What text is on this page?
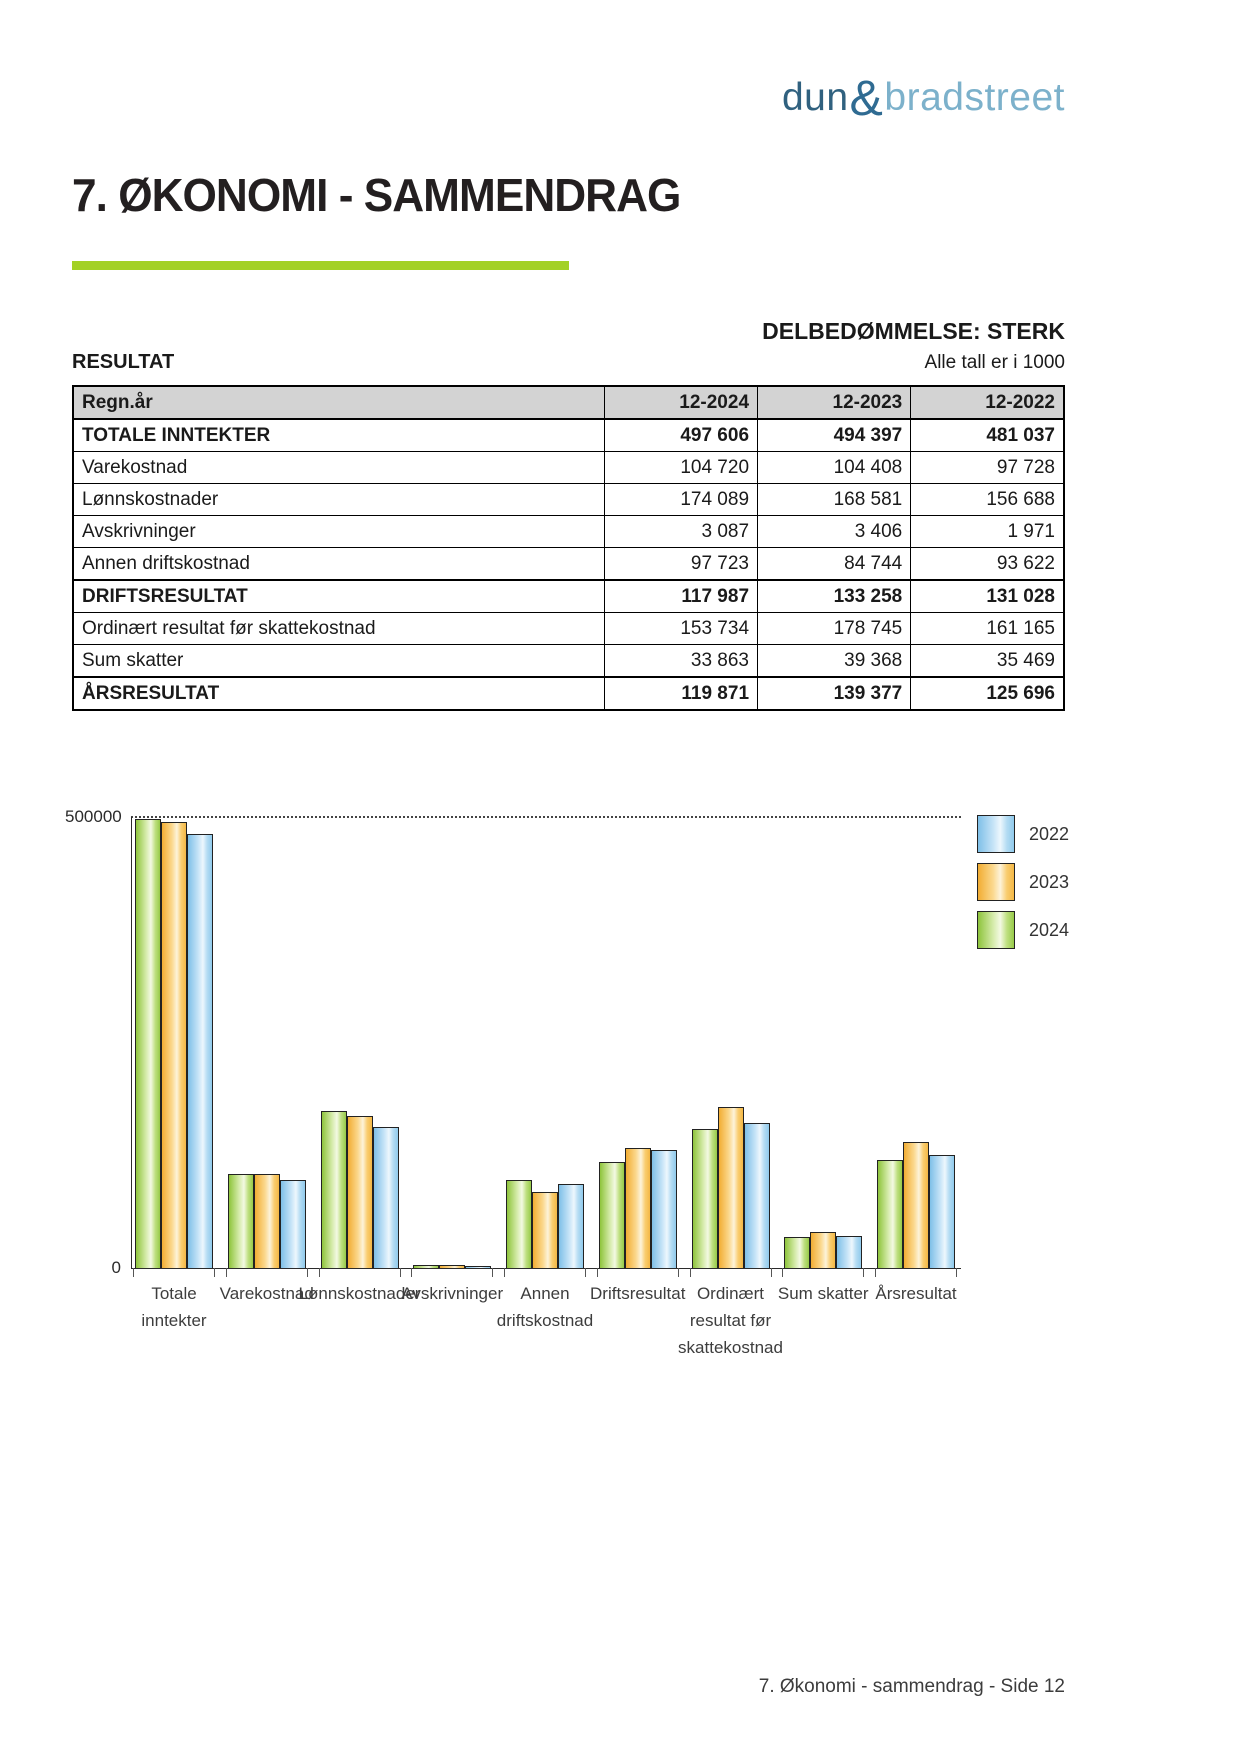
dun&bradstreet
7. ØKONOMI - SAMMENDRAG
DELBEDØMMELSE: STERK
RESULTAT	Alle tall er i 1000
Regn.år	12-2024	12-2023	12-2022
TOTALE INNTEKTER	497 606	494 397	481 037
Varekostnad	104 720	104 408	97 728
Lønnskostnader	174 089	168 581	156 688
Avskrivninger	3 087	3 406	1 971
Annen driftskostnad	97 723	84 744	93 622
DRIFTSRESULTAT	117 987	133 258	131 028
Ordinært resultat før skattekostnad	153 734	178 745	161 165
Sum skatter	33 863	39 368	35 469
ÅRSRESULTAT	119 871	139 377	125 696
500000
0
2022
2023
2024
Totale inntekter
Varekostnad
Lønnskostnader
Avskrivninger	Annen driftskostnad
Driftsresultat Ordinært resultat før skattekostnad
Sum skatter Årsresultat
7. Økonomi - sammendrag - Side 12
